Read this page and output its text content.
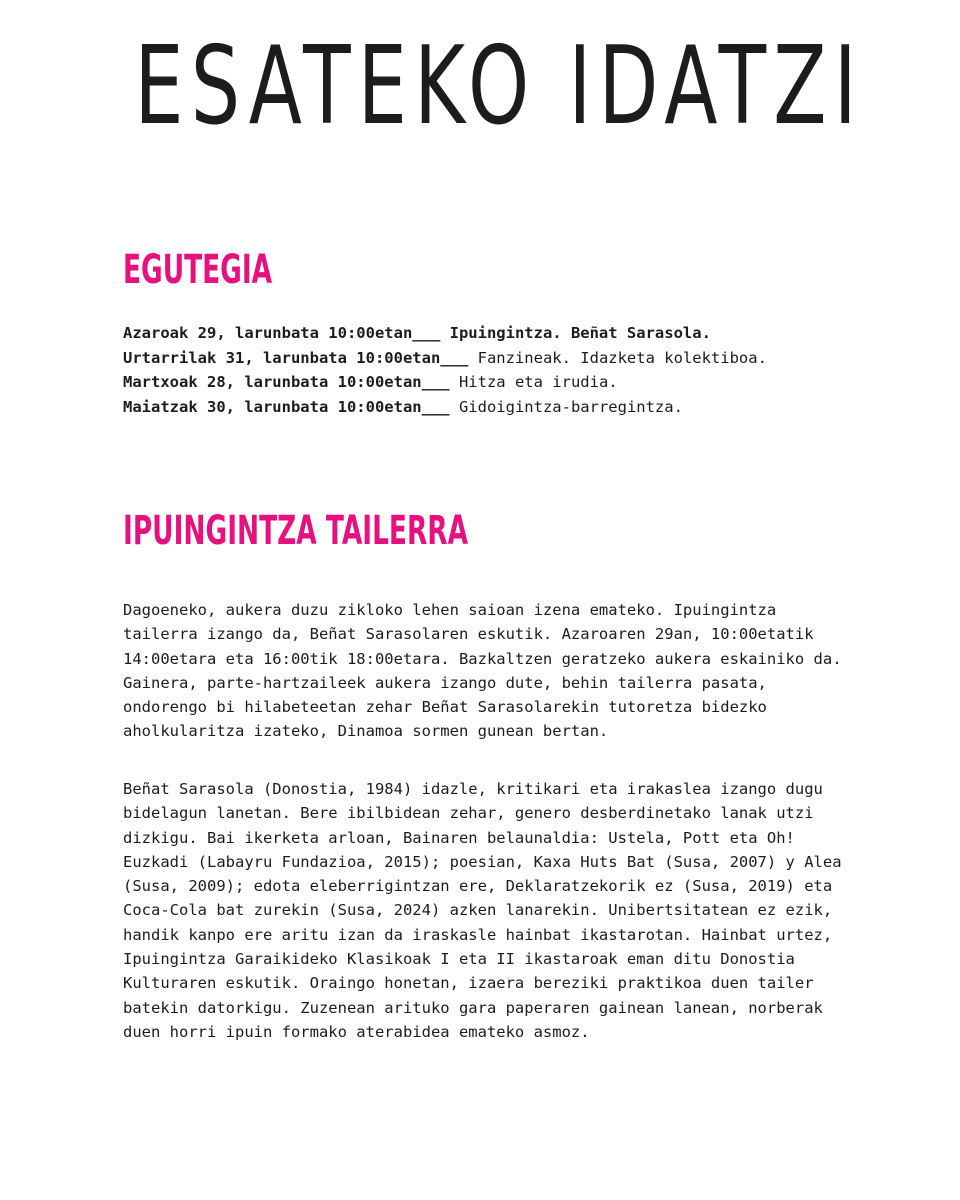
ESATEKO IDATZI
EGUTEGIA
Azaroak 29, larunbata 10:00etan___ Ipuingintza. Beñat Sarasola.
Urtarrilak 31, larunbata 10:00etan___ Fanzineak. Idazketa kolektiboa.
Martxoak 28, larunbata 10:00etan___ Hitza eta irudia.
Maiatzak 30, larunbata 10:00etan___ Gidoigintza-barregintza.
IPUINGINTZA TAILERRA

Dagoeneko, aukera duzu zikloko lehen saioan izena emateko. Ipuingintza
tailerra izango da, Beñat Sarasolaren eskutik. Azaroaren 29an, 10:00etatik
14:00etara eta 16:00tik 18:00etara. Bazkaltzen geratzeko aukera eskainiko da.
Gainera, parte-hartzaileek aukera izango dute, behin tailerra pasata,
ondorengo bi hilabeteetan zehar Beñat Sarasolarekin tutoretza bidezko
aholkularitza izateko, Dinamoa sormen gunean bertan.

Beñat Sarasola (Donostia, 1984) idazle, kritikari eta irakaslea izango dugu
bidelagun lanetan. Bere ibilbidean zehar, genero desberdinetako lanak utzi
dizkigu. Bai ikerketa arloan, Bainaren belaunaldia: Ustela, Pott eta Oh!
Euzkadi (Labayru Fundazioa, 2015); poesian, Kaxa Huts Bat (Susa, 2007) y Alea
(Susa, 2009); edota eleberrigintzan ere, Deklaratzekorik ez (Susa, 2019) eta
Coca-Cola bat zurekin (Susa, 2024) azken lanarekin. Unibertsitatean ez ezik,
handik kanpo ere aritu izan da iraskasle hainbat ikastarotan. Hainbat urtez,
Ipuingintza Garaikideko Klasikoak I eta II ikastaroak eman ditu Donostia
Kulturaren eskutik. Oraingo honetan, izaera bereziki praktikoa duen tailer
batekin datorkigu. Zuzenean arituko gara paperaren gainean lanean, norberak
duen horri ipuin formako aterabidea emateko asmoz.
